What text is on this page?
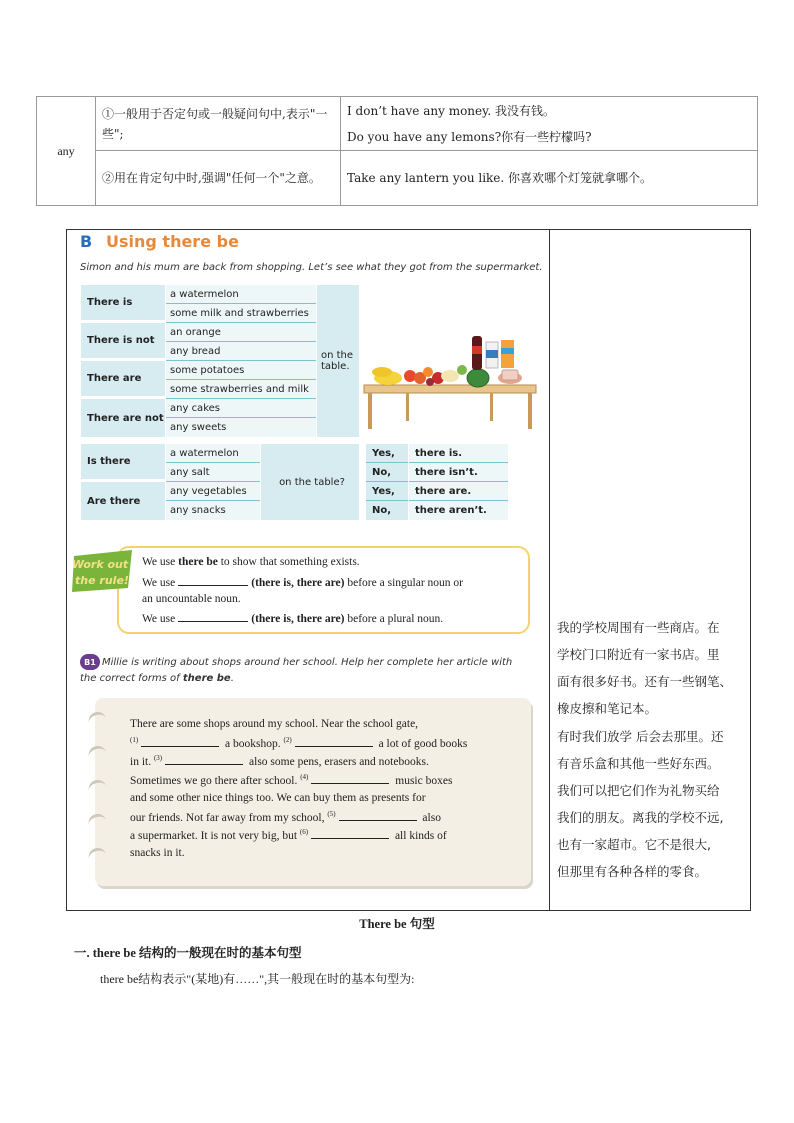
any	①一般用于否定句或一般疑问句中,表示"一些";	I don’t have any money. 我没有钱。
Do you have any lemons?你有一些柠檬吗?

	②用在肯定句中时,强调"任何一个"之意。	Take any lantern you like. 你喜欢哪个灯笼就拿哪个。
B Using there be
Simon and his mum are back from shopping. Let’s see what they got from the supermarket.
There is
a watermelon
some milk and strawberries
There is not
an orange
any bread
There are
some potatoes
some strawberries and milk
There are not
any cakes
any sweets
on the table.
Is there
a watermelon
any salt
Are there
any vegetables
any snacks
on the table?
Yes,	there is.
No,	there isn’t.
Yes,	there are.
No,	there aren’t.
Work out
the rule!
We use there be to show that something exists.
We use	(there is, there are) before a singular noun or
an uncountable noun.
We use	(there is, there are) before a plural noun.
B1 Millie is writing about shops around her school. Help her complete her article with
the correct forms of there be.
There are some shops around my school. Near the school gate,
$^{(1)}$	a bookshop. $^{(2)}$	a lot of good books
in it. $^{(3)}$	also some pens, erasers and notebooks.
Sometimes we go there after school. $^{(4)}$	music boxes
and some other nice things too. We can buy them as presents for
our friends. Not far away from my school, $^{(5)}$	also
a supermarket. It is not very big, but $^{(6)}$	all kinds of
snacks in it.
我的学校周围有一些商店。在
学校门口附近有一家书店。里
面有很多好书。还有一些钢笔、
橡皮擦和笔记本。
有时我们放学 后会去那里。还
有音乐盒和其他一些好东西。
我们可以把它们作为礼物买给
我们的朋友。离我的学校不远,
也有一家超市。它不是很大,
但那里有各种各样的零食。
There be 句型
一. there be 结构的一般现在时的基本句型
there be结构表示"(某地)有……",其一般现在时的基本句型为:
